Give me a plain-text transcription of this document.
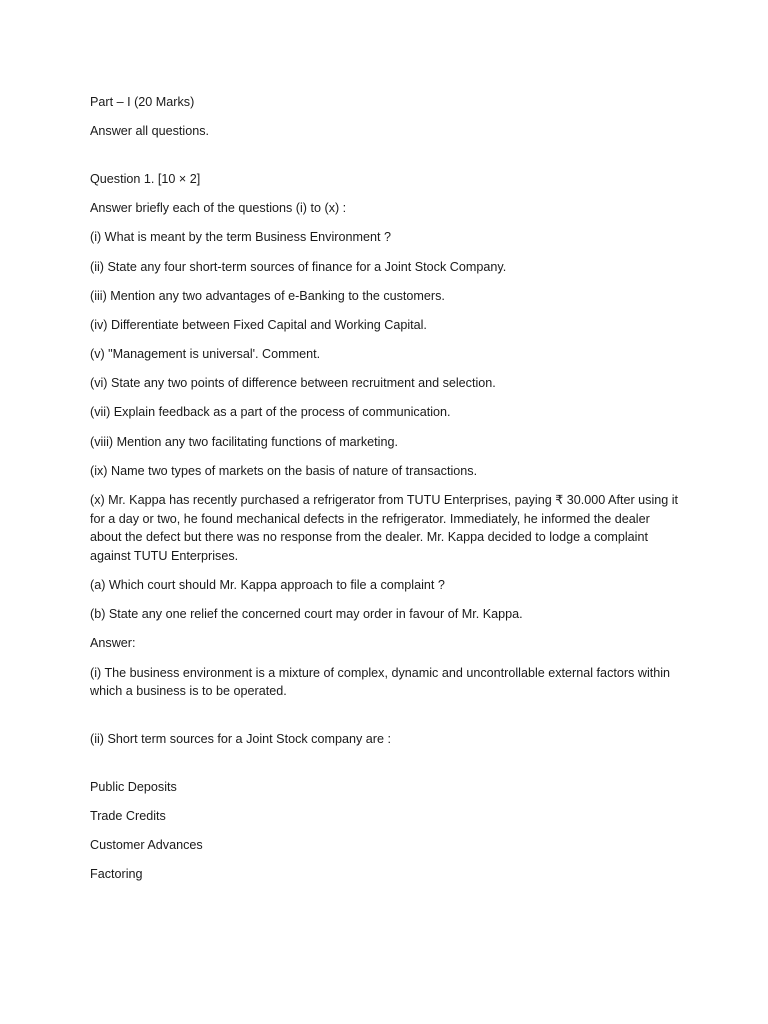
Part – I (20 Marks)

Answer all questions.

Question 1. [10 × 2]

Answer briefly each of the questions (i) to (x) :

(i) What is meant by the term Business Environment ?

(ii) State any four short-term sources of finance for a Joint Stock Company.

(iii) Mention any two advantages of e-Banking to the customers.

(iv) Differentiate between Fixed Capital and Working Capital.

(v) "Management is universal'. Comment.

(vi) State any two points of difference between recruitment and selection.

(vii) Explain feedback as a part of the process of communication.

(viii) Mention any two facilitating functions of marketing.

(ix) Name two types of markets on the basis of nature of transactions.

(x) Mr. Kappa has recently purchased a refrigerator from TUTU Enterprises, paying ₹ 30.000 After using it for a day or two, he found mechanical defects in the refrigerator. Immediately, he informed the dealer about the defect but there was no response from the dealer. Mr. Kappa decided to lodge a complaint against TUTU Enterprises.

(a) Which court should Mr. Kappa approach to file a complaint ?

(b) State any one relief the concerned court may order in favour of Mr. Kappa.

Answer:

(i) The business environment is a mixture of complex, dynamic and uncontrollable external factors within which a business is to be operated.

(ii) Short term sources for a Joint Stock company are :

Public Deposits

Trade Credits

Customer Advances

Factoring
